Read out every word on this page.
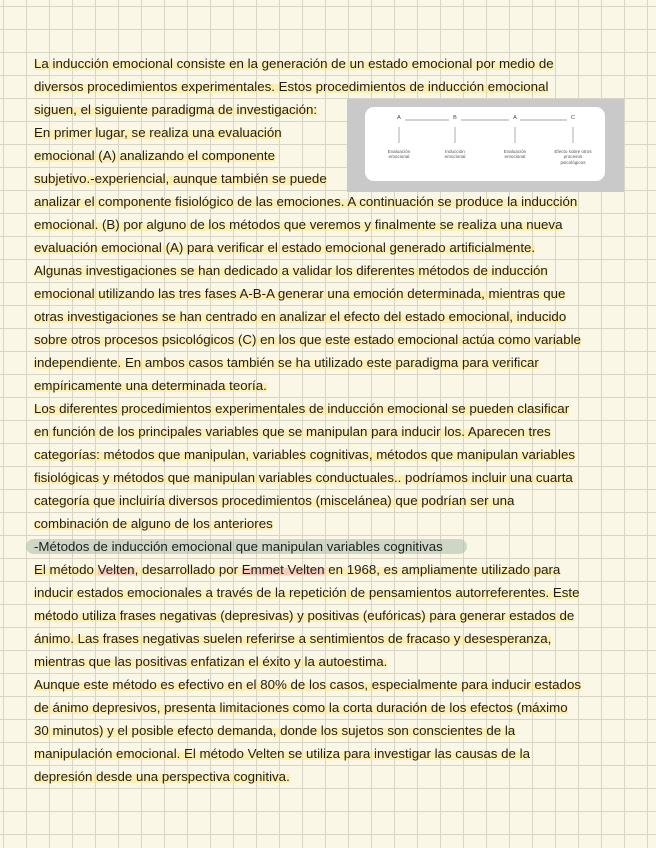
La inducción emocional consiste en la generación de un estado emocional por medio de
diversos procedimientos experimentales. Estos procedimientos de inducción emocional
siguen, el siguiente paradigma de investigación:
En primer lugar, se realiza una evaluación
emocional (A) analizando el componente
subjetivo.-experiencial, aunque también se puede
analizar el componente fisiológico de las emociones. A continuación se produce la inducción
emocional. (B) por alguno de los métodos que veremos y finalmente se realiza una nueva
evaluación emocional (A) para verificar el estado emocional generado artificialmente.
Algunas investigaciones se han dedicado a validar los diferentes métodos de inducción
emocional utilizando las tres fases A-B-A generar una emoción determinada, mientras que
otras investigaciones se han centrado en analizar el efecto del estado emocional, inducido
sobre otros procesos psicológicos (C) en los que este estado emocional actúa como variable
independiente. En ambos casos también se ha utilizado este paradigma para verificar
empíricamente una determinada teoría.
Los diferentes procedimientos experimentales de inducción emocional se pueden clasificar
en función de los principales variables que se manipulan para inducir los. Aparecen tres
categorías: métodos que manipulan, variables cognitivas, métodos que manipulan variables
fisiológicas y métodos que manipulan variables conductuales.. podríamos incluir una cuarta
categoría que incluiría diversos procedimientos (miscelánea) que podrían ser una
combinación de alguno de los anteriores
-Métodos de inducción emocional que manipulan variables cognitivas
El método Velten, desarrollado por Emmet Velten en 1968, es ampliamente utilizado para
inducir estados emocionales a través de la repetición de pensamientos autorreferentes. Este
método utiliza frases negativas (depresivas) y positivas (eufóricas) para generar estados de
ánimo. Las frases negativas suelen referirse a sentimientos de fracaso y desesperanza,
mientras que las positivas enfatizan el éxito y la autoestima.
Aunque este método es efectivo en el 80% de los casos, especialmente para inducir estados
de ánimo depresivos, presenta limitaciones como la corta duración de los efectos (máximo
30 minutos) y el posible efecto demanda, donde los sujetos son conscientes de la
manipulación emocional. El método Velten se utiliza para investigar las causas de la
depresión desde una perspectiva cognitiva.
A	B	A	C
Evaluación emocional
Inducción emocional
Evaluación emocional
Efecto sobre otros procesos psicológicos
